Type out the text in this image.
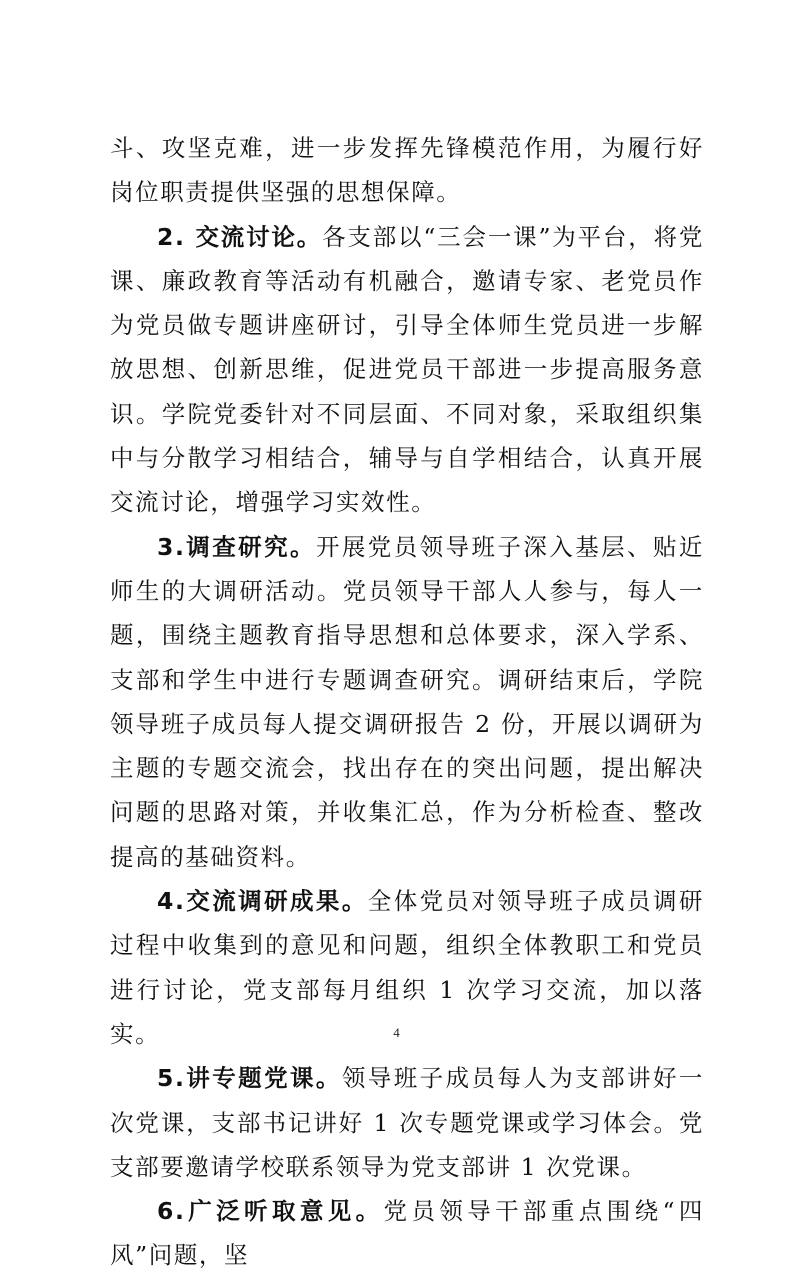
斗、攻坚克难，进一步发挥先锋模范作用，为履行好岗位职责提供坚强的思想保障。

2. 交流讨论。各支部以“三会一课”为平台，将党课、廉政教育等活动有机融合，邀请专家、老党员作为党员做专题讲座研讨，引导全体师生党员进一步解放思想、创新思维，促进党员干部进一步提高服务意识。学院党委针对不同层面、不同对象，采取组织集中与分散学习相结合，辅导与自学相结合，认真开展交流讨论，增强学习实效性。

3.调查研究。开展党员领导班子深入基层、贴近师生的大调研活动。党员领导干部人人参与，每人一题，围绕主题教育指导思想和总体要求，深入学系、支部和学生中进行专题调查研究。调研结束后，学院领导班子成员每人提交调研报告 2 份，开展以调研为主题的专题交流会，找出存在的突出问题，提出解决问题的思路对策，并收集汇总，作为分析检查、整改提高的基础资料。

4.交流调研成果。全体党员对领导班子成员调研过程中收集到的意见和问题，组织全体教职工和党员进行讨论，党支部每月组织 1 次学习交流，加以落实。

5.讲专题党课。领导班子成员每人为支部讲好一次党课，支部书记讲好 1 次专题党课或学习体会。党支部要邀请学校联系领导为党支部讲 1 次党课。

6.广泛听取意见。党员领导干部重点围绕“四风”问题，坚

4
